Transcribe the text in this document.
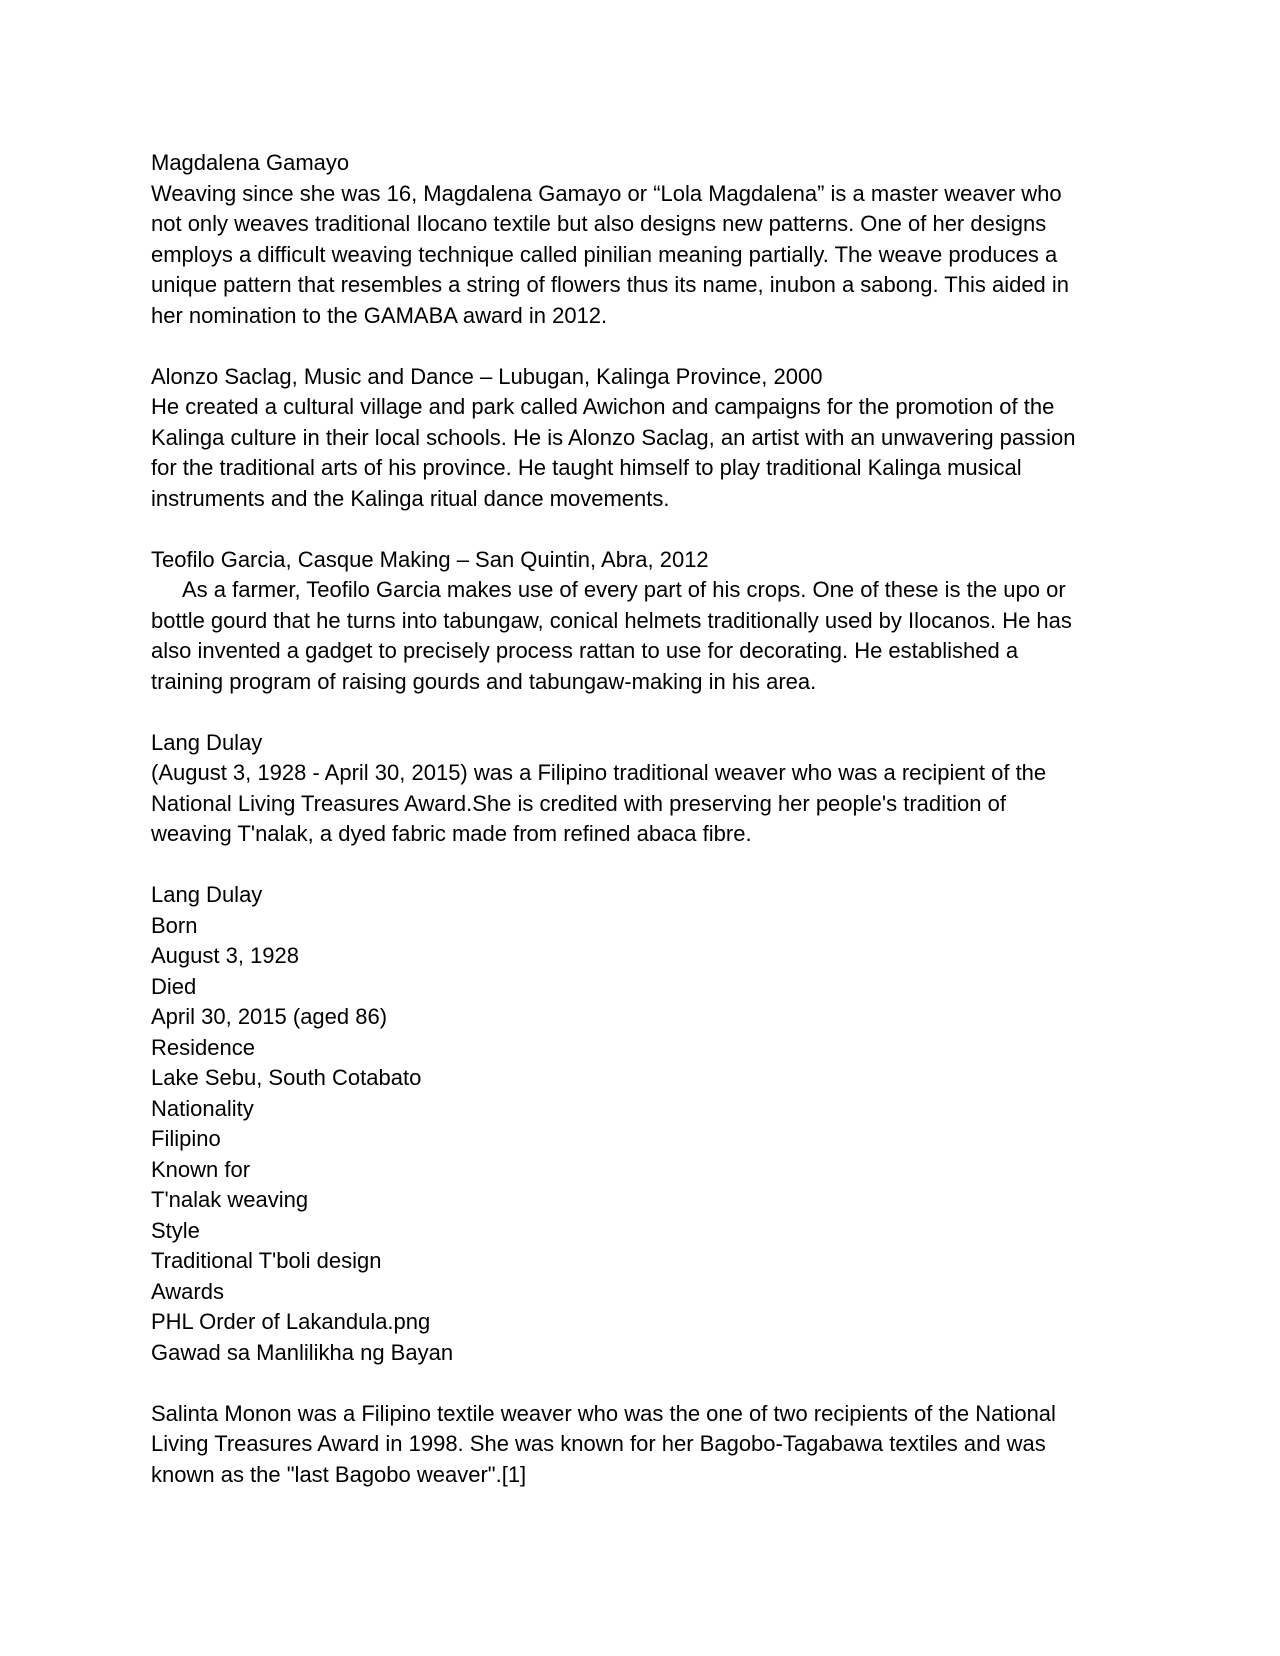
Magdalena Gamayo
Weaving since she was 16, Magdalena Gamayo or “Lola Magdalena” is a master weaver who
not only weaves traditional Ilocano textile but also designs new patterns. One of her designs
employs a difficult weaving technique called pinilian meaning partially. The weave produces a
unique pattern that resembles a string of flowers thus its name, inubon a sabong. This aided in
her nomination to the GAMABA award in 2012.
Alonzo Saclag, Music and Dance – Lubugan, Kalinga Province, 2000
He created a cultural village and park called Awichon and campaigns for the promotion of the
Kalinga culture in their local schools. He is Alonzo Saclag, an artist with an unwavering passion
for the traditional arts of his province. He taught himself to play traditional Kalinga musical
instruments and the Kalinga ritual dance movements.
Teofilo Garcia, Casque Making – San Quintin, Abra, 2012
As a farmer, Teofilo Garcia makes use of every part of his crops. One of these is the upo or
bottle gourd that he turns into tabungaw, conical helmets traditionally used by Ilocanos. He has
also invented a gadget to precisely process rattan to use for decorating. He established a
training program of raising gourds and tabungaw-making in his area.
Lang Dulay
(August 3, 1928 - April 30, 2015) was a Filipino traditional weaver who was a recipient of the
National Living Treasures Award.She is credited with preserving her people's tradition of
weaving T'nalak, a dyed fabric made from refined abaca fibre.
Lang Dulay
Born
August 3, 1928
Died
April 30, 2015 (aged 86)
Residence
Lake Sebu, South Cotabato
Nationality
Filipino
Known for
T'nalak weaving
Style
Traditional T'boli design
Awards
PHL Order of Lakandula.png
Gawad sa Manlilikha ng Bayan
Salinta Monon was a Filipino textile weaver who was the one of two recipients of the National
Living Treasures Award in 1998. She was known for her Bagobo-Tagabawa textiles and was
known as the "last Bagobo weaver".[1]
